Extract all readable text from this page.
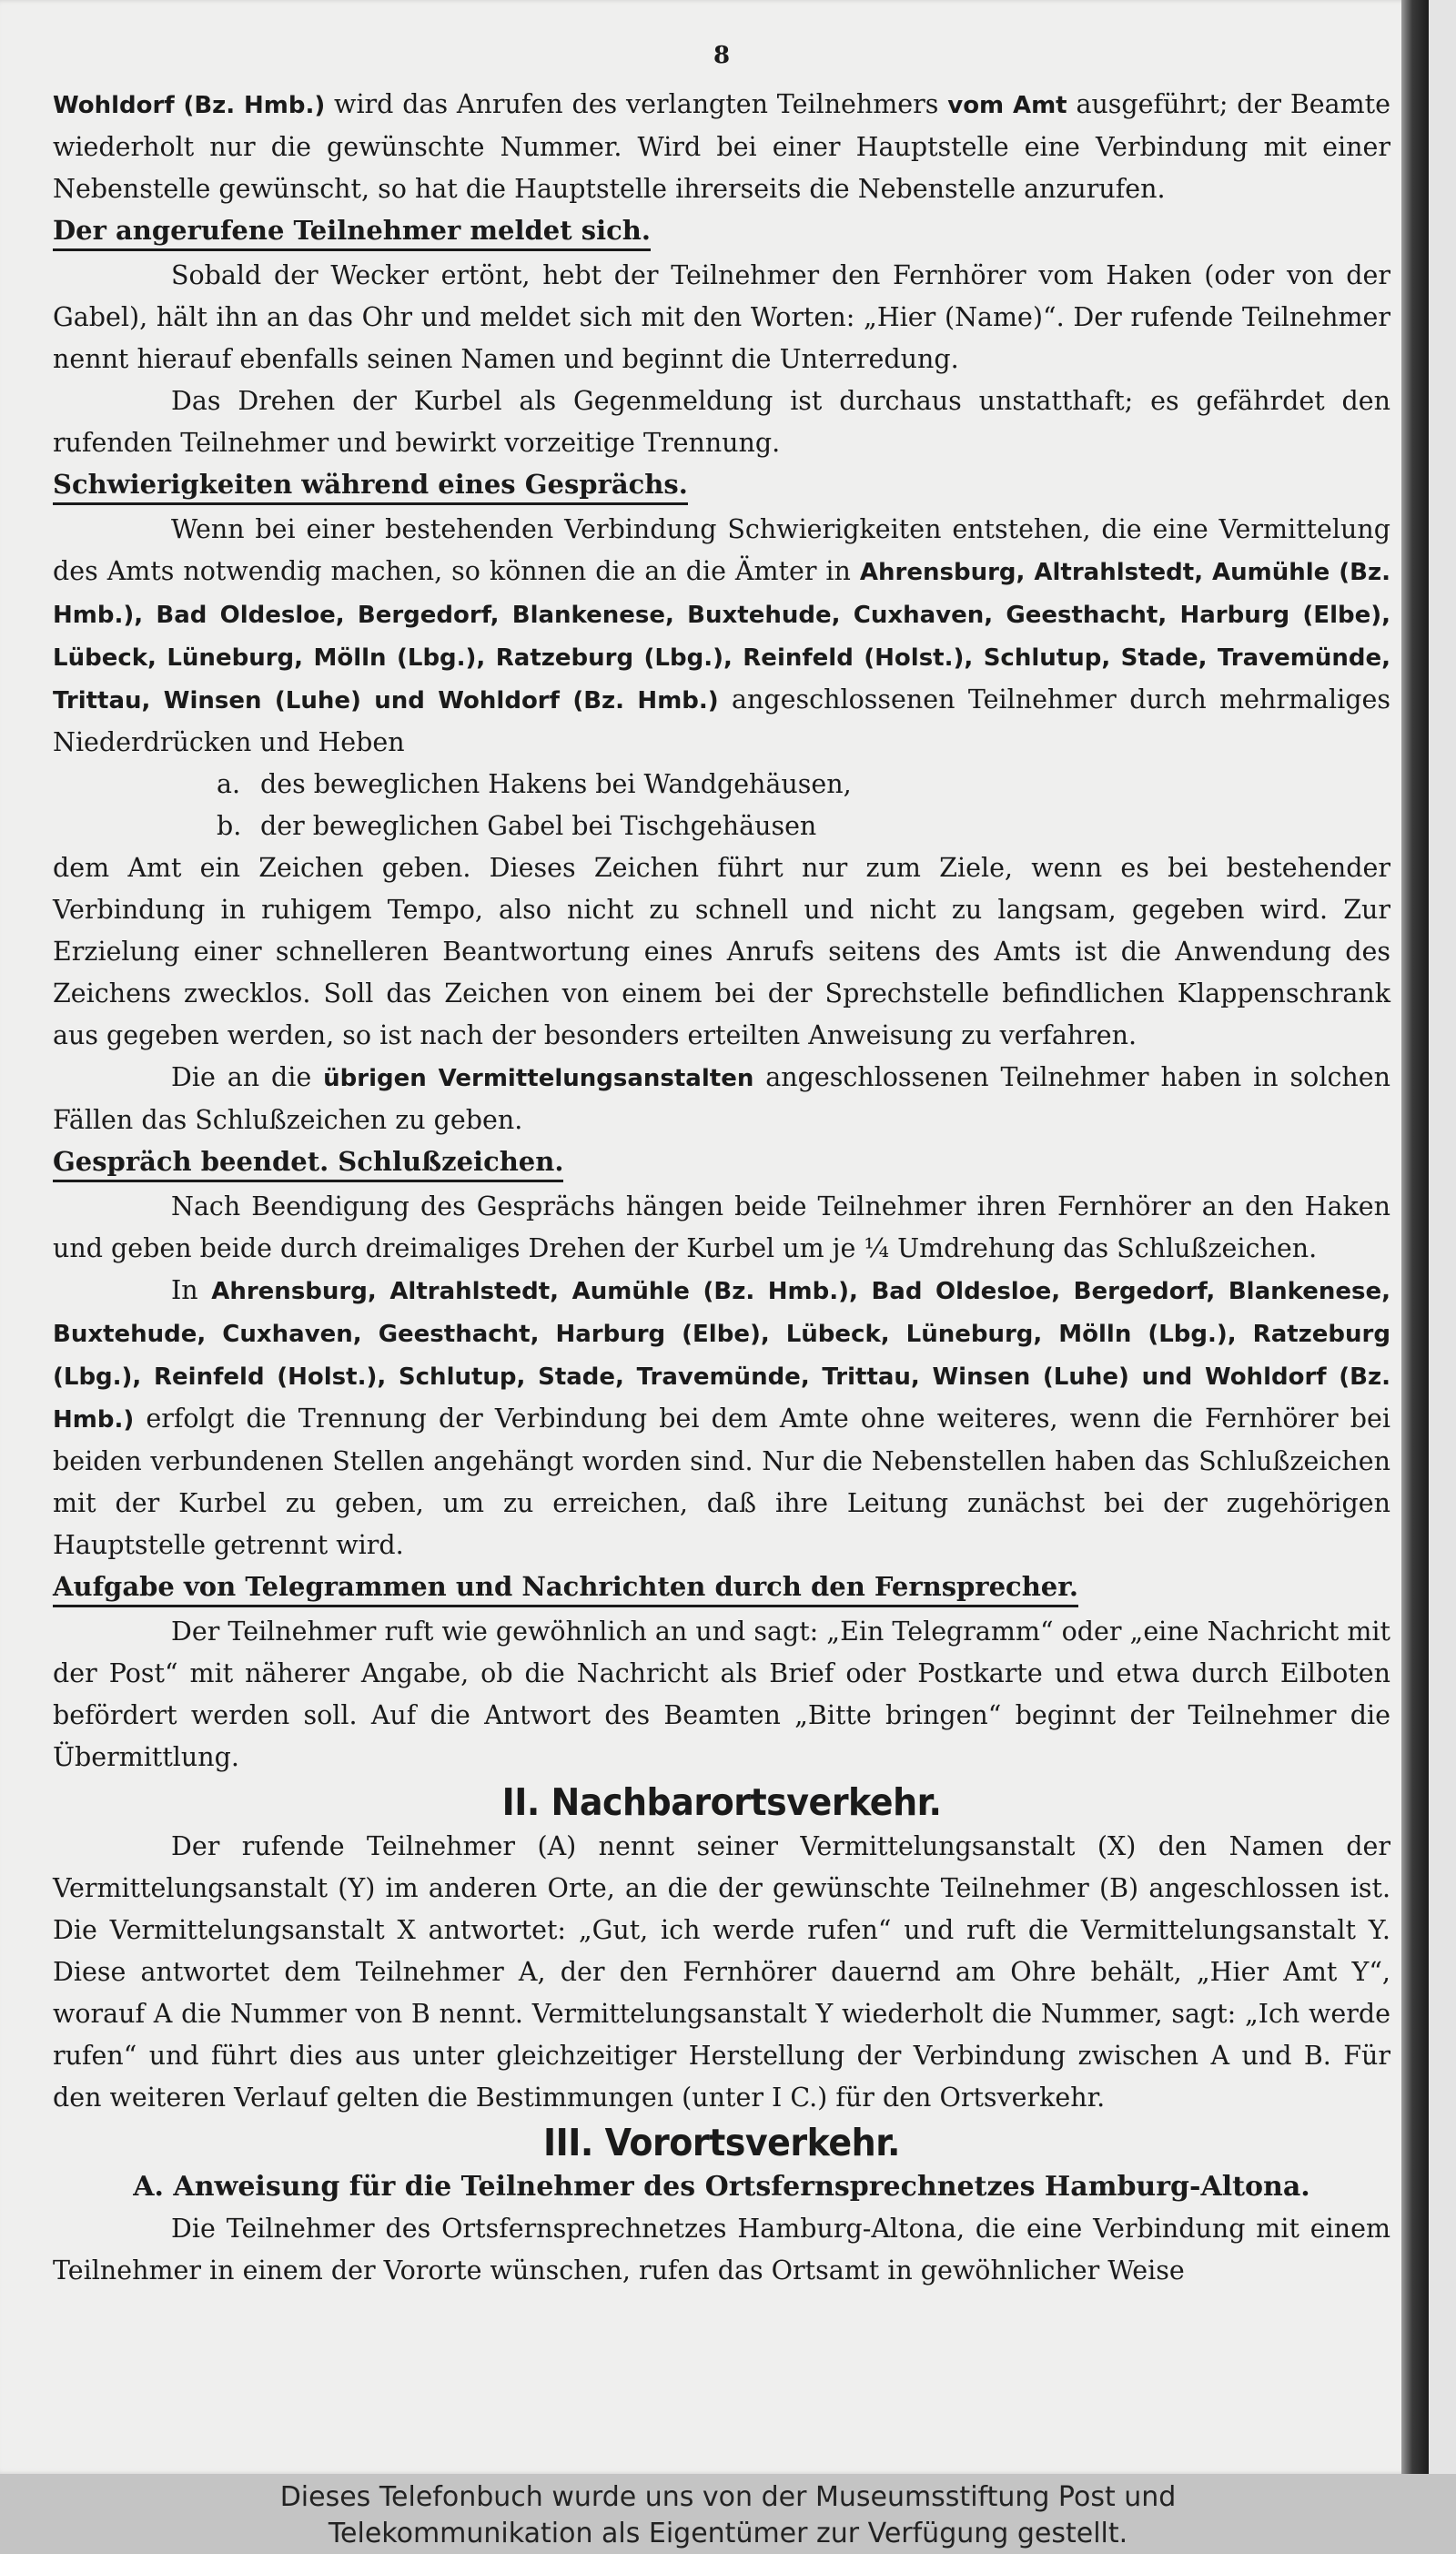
8

Wohldorf (Bz. Hmb.) wird das Anrufen des verlangten Teilnehmers vom Amt ausgeführt; der Beamte wiederholt nur die gewünschte Nummer. Wird bei einer Hauptstelle eine Verbindung mit einer Nebenstelle gewünscht, so hat die Hauptstelle ihrerseits die Nebenstelle anzurufen.

Der angerufene Teilnehmer meldet sich.

Sobald der Wecker ertönt, hebt der Teilnehmer den Fernhörer vom Haken (oder von der Gabel), hält ihn an das Ohr und meldet sich mit den Worten: „Hier (Name)“. Der rufende Teilnehmer nennt hierauf ebenfalls seinen Namen und beginnt die Unterredung.

Das Drehen der Kurbel als Gegenmeldung ist durchaus unstatthaft; es gefährdet den rufenden Teilnehmer und bewirkt vorzeitige Trennung.

Schwierigkeiten während eines Gesprächs.

Wenn bei einer bestehenden Verbindung Schwierigkeiten entstehen, die eine Vermittelung des Amts notwendig machen, so können die an die Ämter in Ahrensburg, Altrahlstedt, Aumühle (Bz. Hmb.), Bad Oldesloe, Bergedorf, Blankenese, Buxtehude, Cuxhaven, Geesthacht, Harburg (Elbe), Lübeck, Lüneburg, Mölln (Lbg.), Ratzeburg (Lbg.), Reinfeld (Holst.), Schlutup, Stade, Travemünde, Trittau, Winsen (Luhe) und Wohldorf (Bz. Hmb.) angeschlossenen Teilnehmer durch mehrmaliges Niederdrücken und Heben

a. des beweglichen Hakens bei Wandgehäusen,

b. der beweglichen Gabel bei Tischgehäusen

dem Amt ein Zeichen geben. Dieses Zeichen führt nur zum Ziele, wenn es bei bestehender Verbindung in ruhigem Tempo, also nicht zu schnell und nicht zu langsam, gegeben wird. Zur Erzielung einer schnelleren Beantwortung eines Anrufs seitens des Amts ist die Anwendung des Zeichens zwecklos. Soll das Zeichen von einem bei der Sprechstelle befindlichen Klappenschrank aus gegeben werden, so ist nach der besonders erteilten Anweisung zu verfahren.

Die an die übrigen Vermittelungsanstalten angeschlossenen Teilnehmer haben in solchen Fällen das Schlußzeichen zu geben.

Gespräch beendet. Schlußzeichen.

Nach Beendigung des Gesprächs hängen beide Teilnehmer ihren Fernhörer an den Haken und geben beide durch dreimaliges Drehen der Kurbel um je ¼ Umdrehung das Schlußzeichen.

In Ahrensburg, Altrahlstedt, Aumühle (Bz. Hmb.), Bad Oldesloe, Bergedorf, Blankenese, Buxtehude, Cuxhaven, Geesthacht, Harburg (Elbe), Lübeck, Lüneburg, Mölln (Lbg.), Ratzeburg (Lbg.), Reinfeld (Holst.), Schlutup, Stade, Travemünde, Trittau, Winsen (Luhe) und Wohldorf (Bz. Hmb.) erfolgt die Trennung der Verbindung bei dem Amte ohne weiteres, wenn die Fernhörer bei beiden verbundenen Stellen angehängt worden sind. Nur die Nebenstellen haben das Schlußzeichen mit der Kurbel zu geben, um zu erreichen, daß ihre Leitung zunächst bei der zugehörigen Hauptstelle getrennt wird.

Aufgabe von Telegrammen und Nachrichten durch den Fernsprecher.

Der Teilnehmer ruft wie gewöhnlich an und sagt: „Ein Telegramm“ oder „eine Nachricht mit der Post“ mit näherer Angabe, ob die Nachricht als Brief oder Postkarte und etwa durch Eilboten befördert werden soll. Auf die Antwort des Beamten „Bitte bringen“ beginnt der Teilnehmer die Übermittlung.

II. Nachbarortsverkehr.

Der rufende Teilnehmer (A) nennt seiner Vermittelungsanstalt (X) den Namen der Vermittelungsanstalt (Y) im anderen Orte, an die der gewünschte Teilnehmer (B) angeschlossen ist. Die Vermittelungsanstalt X antwortet: „Gut, ich werde rufen“ und ruft die Vermittelungsanstalt Y. Diese antwortet dem Teilnehmer A, der den Fernhörer dauernd am Ohre behält, „Hier Amt Y“, worauf A die Nummer von B nennt. Vermittelungsanstalt Y wiederholt die Nummer, sagt: „Ich werde rufen“ und führt dies aus unter gleichzeitiger Herstellung der Verbindung zwischen A und B. Für den weiteren Verlauf gelten die Bestimmungen (unter I C.) für den Ortsverkehr.

III. Vorortsverkehr.
A. Anweisung für die Teilnehmer des Ortsfernsprechnetzes Hamburg-Altona.

Die Teilnehmer des Ortsfernsprechnetzes Hamburg-Altona, die eine Verbindung mit einem Teilnehmer in einem der Vororte wünschen, rufen das Ortsamt in gewöhnlicher Weise

Dieses Telefonbuch wurde uns von der Museumsstiftung Post und
Telekommunikation als Eigentümer zur Verfügung gestellt.
